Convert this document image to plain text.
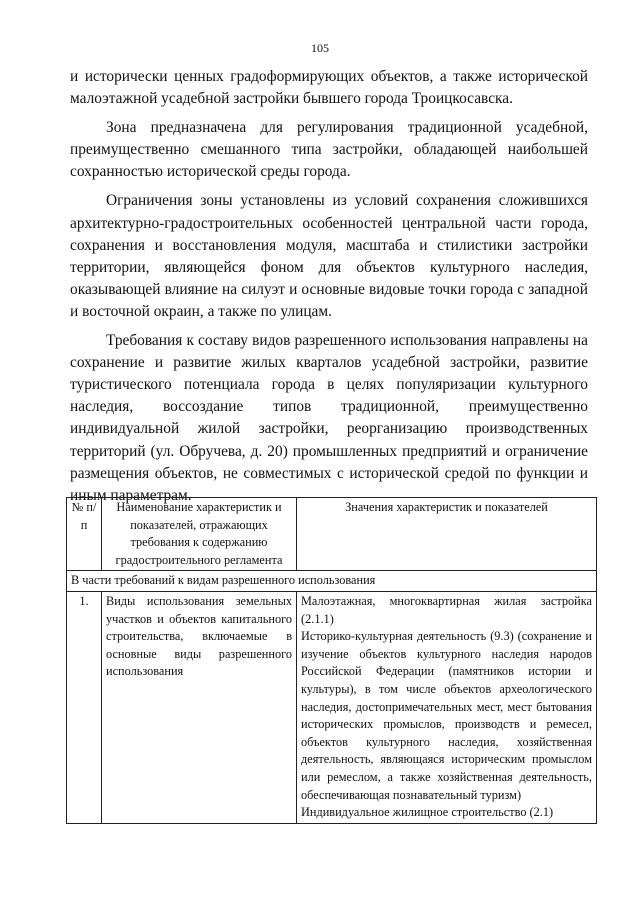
105

и исторически ценных градоформирующих объектов, а также исторической малоэтажной усадебной застройки бывшего города Троицкосавска.

Зона предназначена для регулирования традиционной усадебной, преимущественно смешанного типа застройки, обладающей наибольшей сохранностью исторической среды города.

Ограничения зоны установлены из условий сохранения сложившихся архитектурно-градостроительных особенностей центральной части города, сохранения и восстановления модуля, масштаба и стилистики застройки территории, являющейся фоном для объектов культурного наследия, оказывающей влияние на силуэт и основные видовые точки города с западной и восточной окраин, а также по улицам.

Требования к составу видов разрешенного использования направлены на сохранение и развитие жилых кварталов усадебной застройки, развитие туристического потенциала города в целях популяризации культурного наследия, воссоздание типов традиционной, преимущественно индивидуальной жилой застройки, реорганизацию производственных территорий (ул. Обручева, д. 20) промышленных предприятий и ограничение размещения объектов, не совместимых с исторической средой по функции и иным параметрам.

№ п/п	Наименование характеристик и показателей, отражающих требования к содержанию градостроительного регламента	Значения характеристик и показателей
В части требований к видам разрешенного использования		
1.	Виды использования земельных участков и объектов капитального строительства, включаемые в основные виды разрешенного использования	Малоэтажная, многоквартирная жилая застройка (2.1.1)
Историко-культурная деятельность (9.3) (сохранение и изучение объектов культурного наследия народов Российской Федерации (памятников истории и культуры), в том числе объектов археологического наследия, достопримечательных мест, мест бытования исторических промыслов, производств и ремесел, объектов культурного наследия, хозяйственная деятельность, являющаяся историческим промыслом или ремеслом, а также хозяйственная деятельность, обеспечивающая познавательный туризм)
Индивидуальное жилищное строительство (2.1)
